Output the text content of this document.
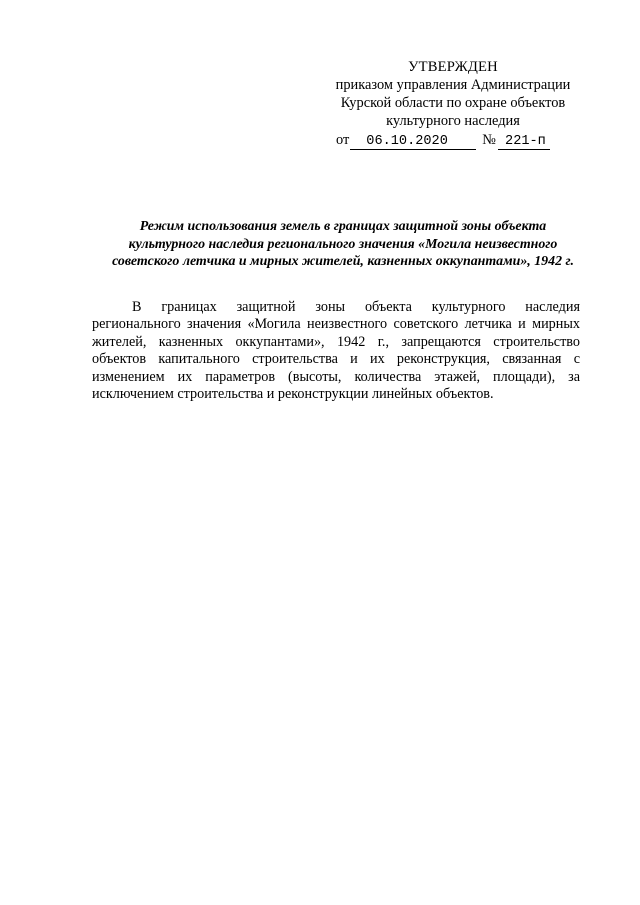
УТВЕРЖДЕН
приказом управления Администрации
Курской области по охране объектов
культурного наследия
от 06.10.2020 № 221-п
Режим использования земель в границах защитной зоны объекта
культурного наследия регионального значения «Могила неизвестного
советского летчика и мирных жителей, казненных оккупантами», 1942 г.
В границах защитной зоны объекта культурного наследия
регионального значения «Могила неизвестного советского летчика и мирных
жителей, казненных оккупантами», 1942 г., запрещаются строительство
объектов капитального строительства и их реконструкция, связанная с
изменением их параметров (высоты, количества этажей, площади), за
исключением строительства и реконструкции линейных объектов.
